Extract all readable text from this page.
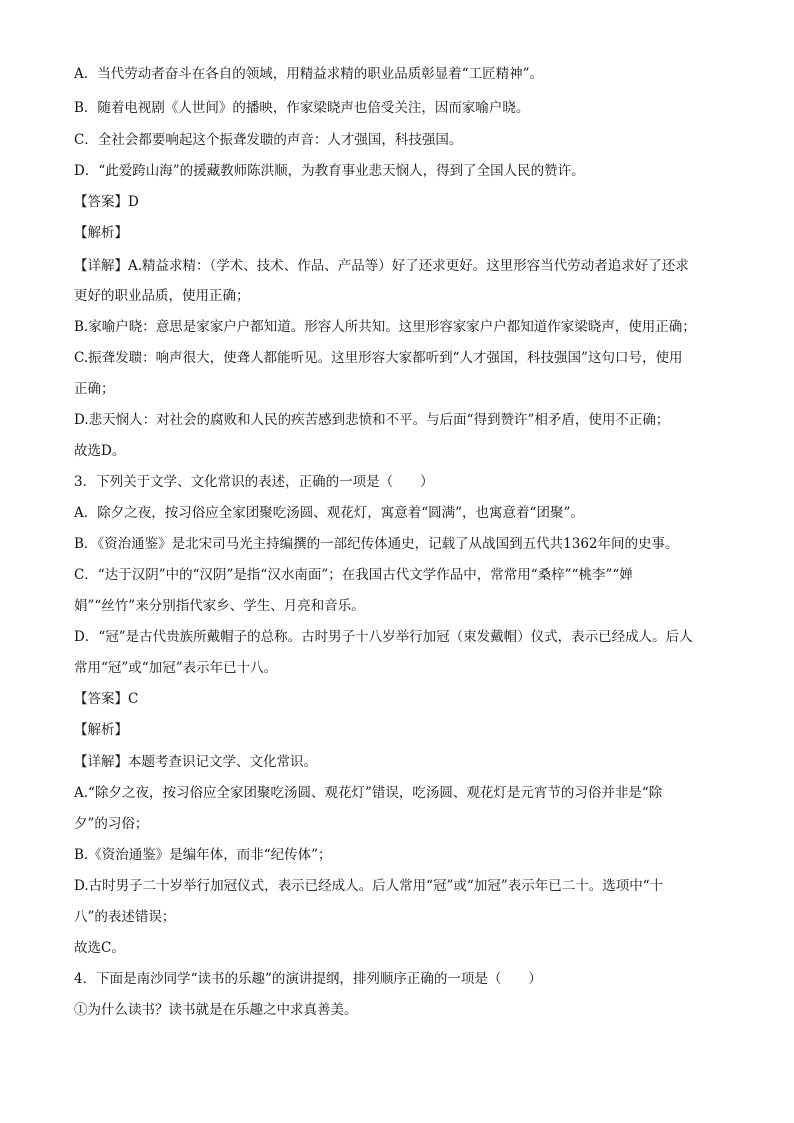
A．当代劳动者奋斗在各自的领域，用精益求精的职业品质彰显着“工匠精神”。
B．随着电视剧《人世间》的播映，作家梁晓声也倍受关注，因而家喻户晓。
C．全社会都要响起这个振聋发聩的声音：人才强国，科技强国。
D．“此爱跨山海”的援藏教师陈洪顺，为教育事业悲天悯人，得到了全国人民的赞许。
【答案】D
【解析】
【详解】A.精益求精：（学术、技术、作品、产品等）好了还求更好。这里形容当代劳动者追求好了还求
更好的职业品质，使用正确；
B.家喻户晓：意思是家家户户都知道。形容人所共知。这里形容家家户户都知道作家梁晓声，使用正确；
C.振聋发聩：响声很大，使聋人都能听见。这里形容大家都听到“人才强国，科技强国”这句口号，使用
正确；
D.悲天悯人：对社会的腐败和人民的疾苦感到悲愤和不平。与后面“得到赞许”相矛盾，使用不正确；
故选D。
3．下列关于文学、文化常识的表述，正确的一项是（　　）
A．除夕之夜，按习俗应全家团聚吃汤圆、观花灯，寓意着“圆满”，也寓意着“团聚”。
B．《资治通鉴》是北宋司马光主持编撰的一部纪传体通史，记载了从战国到五代共1362年间的史事。
C．“达于汉阴”中的“汉阴”是指“汉水南面”；在我国古代文学作品中，常常用“桑梓”“桃李”“婵
娟”“丝竹”来分别指代家乡、学生、月亮和音乐。
D．“冠”是古代贵族所戴帽子的总称。古时男子十八岁举行加冠（束发戴帽）仪式，表示已经成人。后人
常用“冠”或“加冠”表示年已十八。
【答案】C
【解析】
【详解】本题考查识记文学、文化常识。
A.“除夕之夜，按习俗应全家团聚吃汤圆、观花灯”错误，吃汤圆、观花灯是元宵节的习俗并非是“除
夕”的习俗；
B.《资治通鉴》是编年体，而非“纪传体”；
D.古时男子二十岁举行加冠仪式，表示已经成人。后人常用“冠”或“加冠”表示年已二十。选项中“十
八”的表述错误；
故选C。
4．下面是南沙同学“读书的乐趣”的演讲提纲，排列顺序正确的一项是（　　）
①为什么读书？读书就是在乐趣之中求真善美。
